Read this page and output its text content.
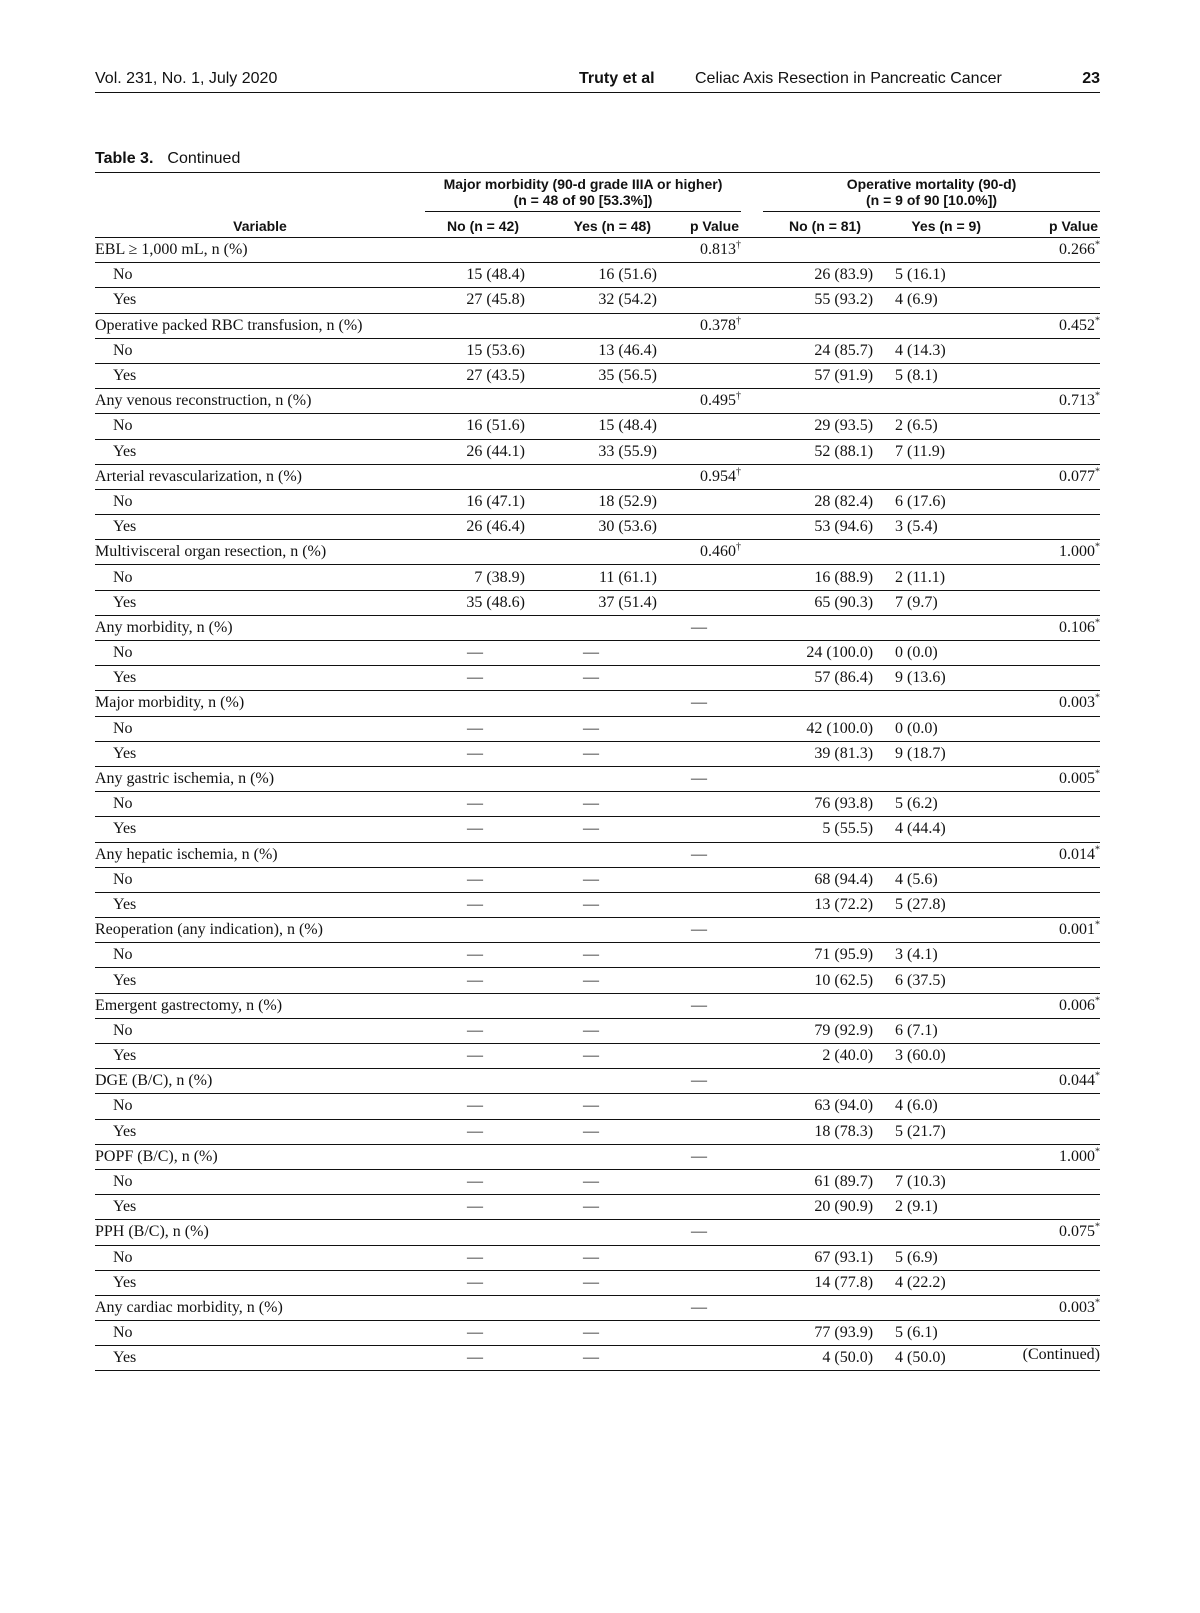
Vol. 231, No. 1, July 2020	Truty et al	Celiac Axis Resection in Pancreatic Cancer	23
Table 3. Continued

	Major morbidity (90-d grade IIIA or higher)
(n = 48 of 90 [53.3%])			Operative mortality (90-d)
(n = 9 of 90 [10.0%])		

Variable	No (n = 42)	Yes (n = 48)	p Value	No (n = 81)	Yes (n = 9)	p Value
EBL ≥ 1,000 mL, n (%)			0.813†			0.266*
No	15 (48.4)	16 (51.6)		26 (83.9)	5 (16.1)	
Yes	27 (45.8)	32 (54.2)		55 (93.2)	4 (6.9)	
Operative packed RBC transfusion, n (%)			0.378†			0.452*
No	15 (53.6)	13 (46.4)		24 (85.7)	4 (14.3)	
Yes	27 (43.5)	35 (56.5)		57 (91.9)	5 (8.1)	
Any venous reconstruction, n (%)			0.495†			0.713*
No	16 (51.6)	15 (48.4)		29 (93.5)	2 (6.5)	
Yes	26 (44.1)	33 (55.9)		52 (88.1)	7 (11.9)	
Arterial revascularization, n (%)			0.954†			0.077*
No	16 (47.1)	18 (52.9)		28 (82.4)	6 (17.6)	
Yes	26 (46.4)	30 (53.6)		53 (94.6)	3 (5.4)	
Multivisceral organ resection, n (%)			0.460†			1.000*
No	7 (38.9)	11 (61.1)		16 (88.9)	2 (11.1)	
Yes	35 (48.6)	37 (51.4)		65 (90.3)	7 (9.7)	
Any morbidity, n (%)			—			0.106*
No	—	—		24 (100.0)	0 (0.0)	
Yes	—	—		57 (86.4)	9 (13.6)	
Major morbidity, n (%)			—			0.003*
No	—	—		42 (100.0)	0 (0.0)	
Yes	—	—		39 (81.3)	9 (18.7)	
Any gastric ischemia, n (%)			—			0.005*
No	—	—		76 (93.8)	5 (6.2)	
Yes	—	—		5 (55.5)	4 (44.4)	
Any hepatic ischemia, n (%)			—			0.014*
No	—	—		68 (94.4)	4 (5.6)	
Yes	—	—		13 (72.2)	5 (27.8)	
Reoperation (any indication), n (%)			—			0.001*
No	—	—		71 (95.9)	3 (4.1)	
Yes	—	—		10 (62.5)	6 (37.5)	
Emergent gastrectomy, n (%)			—			0.006*
No	—	—		79 (92.9)	6 (7.1)	
Yes	—	—		2 (40.0)	3 (60.0)	
DGE (B/C), n (%)			—			0.044*
No	—	—		63 (94.0)	4 (6.0)	
Yes	—	—		18 (78.3)	5 (21.7)	
POPF (B/C), n (%)			—			1.000*
No	—	—		61 (89.7)	7 (10.3)	
Yes	—	—		20 (90.9)	2 (9.1)	
PPH (B/C), n (%)			—			0.075*
No	—	—		67 (93.1)	5 (6.9)	
Yes	—	—		14 (77.8)	4 (22.2)	
Any cardiac morbidity, n (%)			—			0.003*
No	—	—		77 (93.9)	5 (6.1)	
Yes	—	—		4 (50.0)	4 (50.0)		(Continued)
